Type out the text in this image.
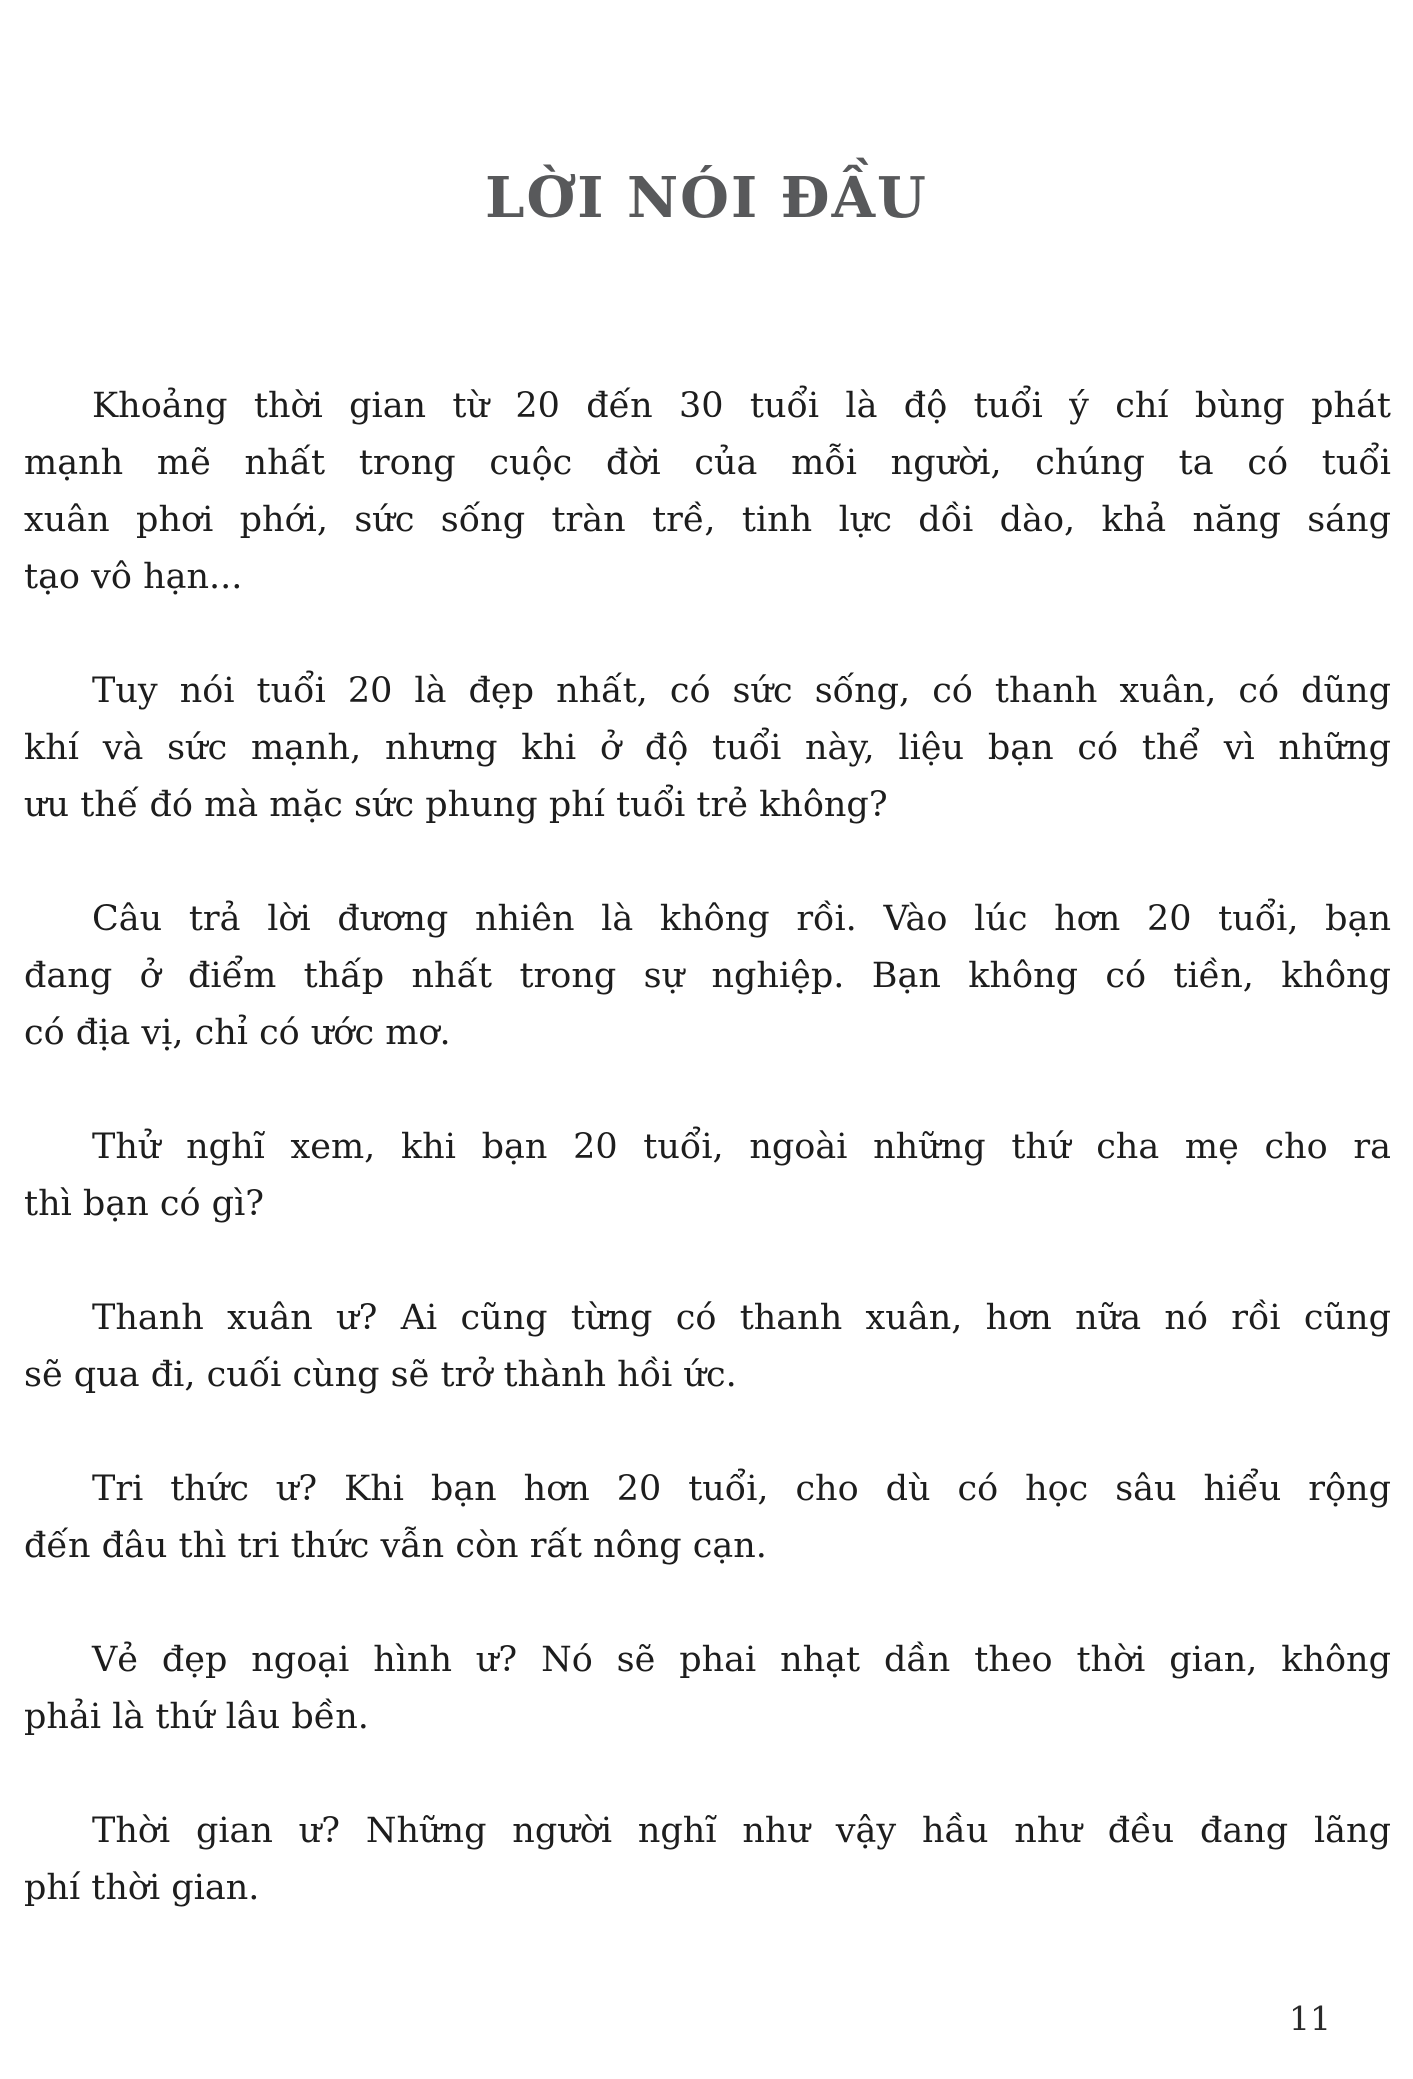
LỜI NÓI ĐẦU

Khoảng thời gian từ 20 đến 30 tuổi là độ tuổi ý chí bùng phát
mạnh mẽ nhất trong cuộc đời của mỗi người, chúng ta có tuổi
xuân phơi phới, sức sống tràn trề, tinh lực dồi dào, khả năng sáng
tạo vô hạn...

Tuy nói tuổi 20 là đẹp nhất, có sức sống, có thanh xuân, có dũng
khí và sức mạnh, nhưng khi ở độ tuổi này, liệu bạn có thể vì những
ưu thế đó mà mặc sức phung phí tuổi trẻ không?

Câu trả lời đương nhiên là không rồi. Vào lúc hơn 20 tuổi, bạn
đang ở điểm thấp nhất trong sự nghiệp. Bạn không có tiền, không
có địa vị, chỉ có ước mơ.

Thử nghĩ xem, khi bạn 20 tuổi, ngoài những thứ cha mẹ cho ra
thì bạn có gì?

Thanh xuân ư? Ai cũng từng có thanh xuân, hơn nữa nó rồi cũng
sẽ qua đi, cuối cùng sẽ trở thành hồi ức.

Tri thức ư? Khi bạn hơn 20 tuổi, cho dù có học sâu hiểu rộng
đến đâu thì tri thức vẫn còn rất nông cạn.

Vẻ đẹp ngoại hình ư? Nó sẽ phai nhạt dần theo thời gian, không
phải là thứ lâu bền.

Thời gian ư? Những người nghĩ như vậy hầu như đều đang lãng
phí thời gian.

11
